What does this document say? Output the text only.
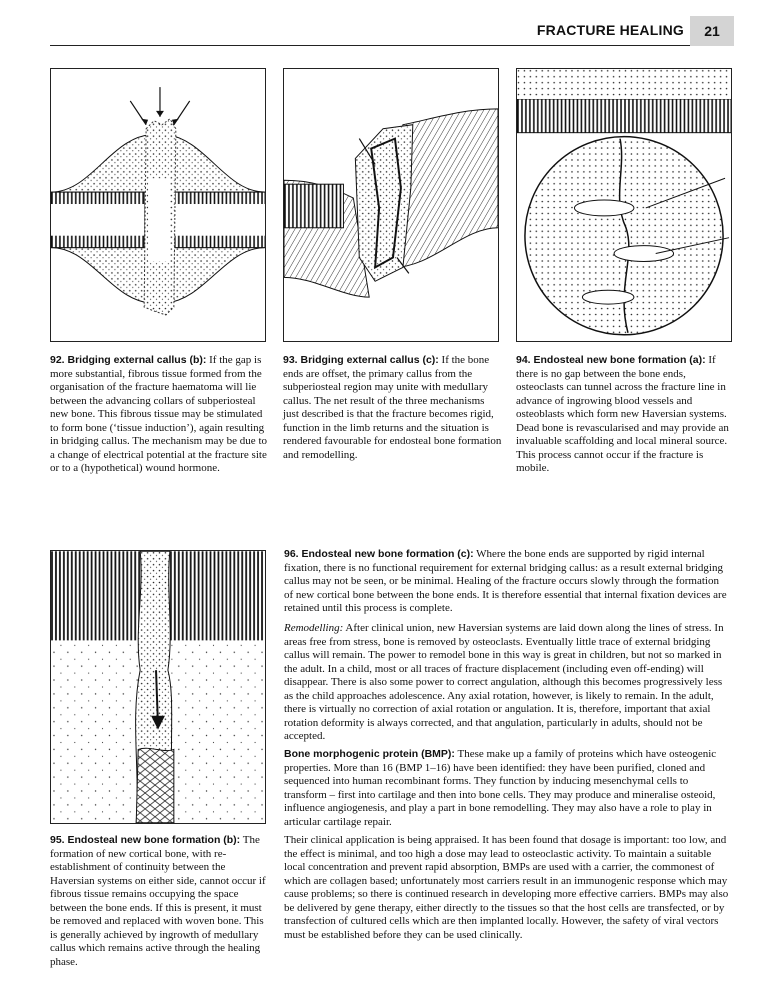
FRACTURE HEALING	21
92. Bridging external callus (b): If the gap is more substantial, fibrous tissue formed from the organisation of the fracture haematoma will lie between the advancing collars of subperiosteal new bone. This fibrous tissue may be stimulated to form bone (‘tissue induction’), again resulting in bridging callus. The mechanism may be due to a change of electrical potential at the fracture site or to a (hypothetical) wound hormone.
93. Bridging external callus (c): If the bone ends are offset, the primary callus from the subperiosteal region may unite with medullary callus. The net result of the three mechanisms just described is that the fracture becomes rigid, function in the limb returns and the situation is rendered favourable for endosteal bone formation and remodelling.
94. Endosteal new bone formation (a): If there is no gap between the bone ends, osteoclasts can tunnel across the fracture line in advance of ingrowing blood vessels and osteoblasts which form new Haversian systems. Dead bone is revascularised and may provide an invaluable scaffolding and local mineral source. This process cannot occur if the fracture is mobile.
95. Endosteal new bone formation (b): The formation of new cortical bone, with re-establishment of continuity between the Haversian systems on either side, cannot occur if fibrous tissue remains occupying the space between the bone ends. If this is present, it must be removed and replaced with woven bone. This is generally achieved by ingrowth of medullary callus which remains active through the healing phase.
96. Endosteal new bone formation (c): Where the bone ends are supported by rigid internal fixation, there is no functional requirement for external bridging callus: as a result external bridging callus may not be seen, or be minimal. Healing of the fracture occurs slowly through the formation of new cortical bone between the bone ends. It is therefore essential that internal fixation devices are retained until this process is complete.
Remodelling: After clinical union, new Haversian systems are laid down along the lines of stress. In areas free from stress, bone is removed by osteoclasts. Eventually little trace of external bridging callus will remain. The power to remodel bone in this way is great in children, but not so marked in the adult. In a child, most or all traces of fracture displacement (including even off-ending) will disappear. There is also some power to correct angulation, although this becomes progressively less as the child approaches adolescence. Any axial rotation, however, is likely to remain. In the adult, there is virtually no correction of axial rotation or angulation. It is, therefore, important that axial rotation deformity is always corrected, and that angulation, particularly in adults, should not be accepted.
Bone morphogenic protein (BMP): These make up a family of proteins which have osteogenic properties. More than 16 (BMP 1–16) have been identified: they have been purified, cloned and sequenced into human recombinant forms. They function by inducing mesenchymal cells to transform – first into cartilage and then into bone cells. They may produce and mineralise osteoid, influence angiogenesis, and play a part in bone remodelling. They may also have a role to play in articular cartilage repair.
Their clinical application is being appraised. It has been found that dosage is important: too low, and the effect is minimal, and too high a dose may lead to osteoclastic activity. To maintain a suitable local concentration and prevent rapid absorption, BMPs are used with a carrier, the commonest of which are collagen based; unfortunately most carriers result in an immunogenic response which may cause problems; so there is continued research in developing more effective carriers. BMPs may also be delivered by gene therapy, either directly to the tissues so that the host cells are transfected, or by transfection of cultured cells which are then implanted locally. However, the safety of viral vectors must be established before they can be used clinically.
